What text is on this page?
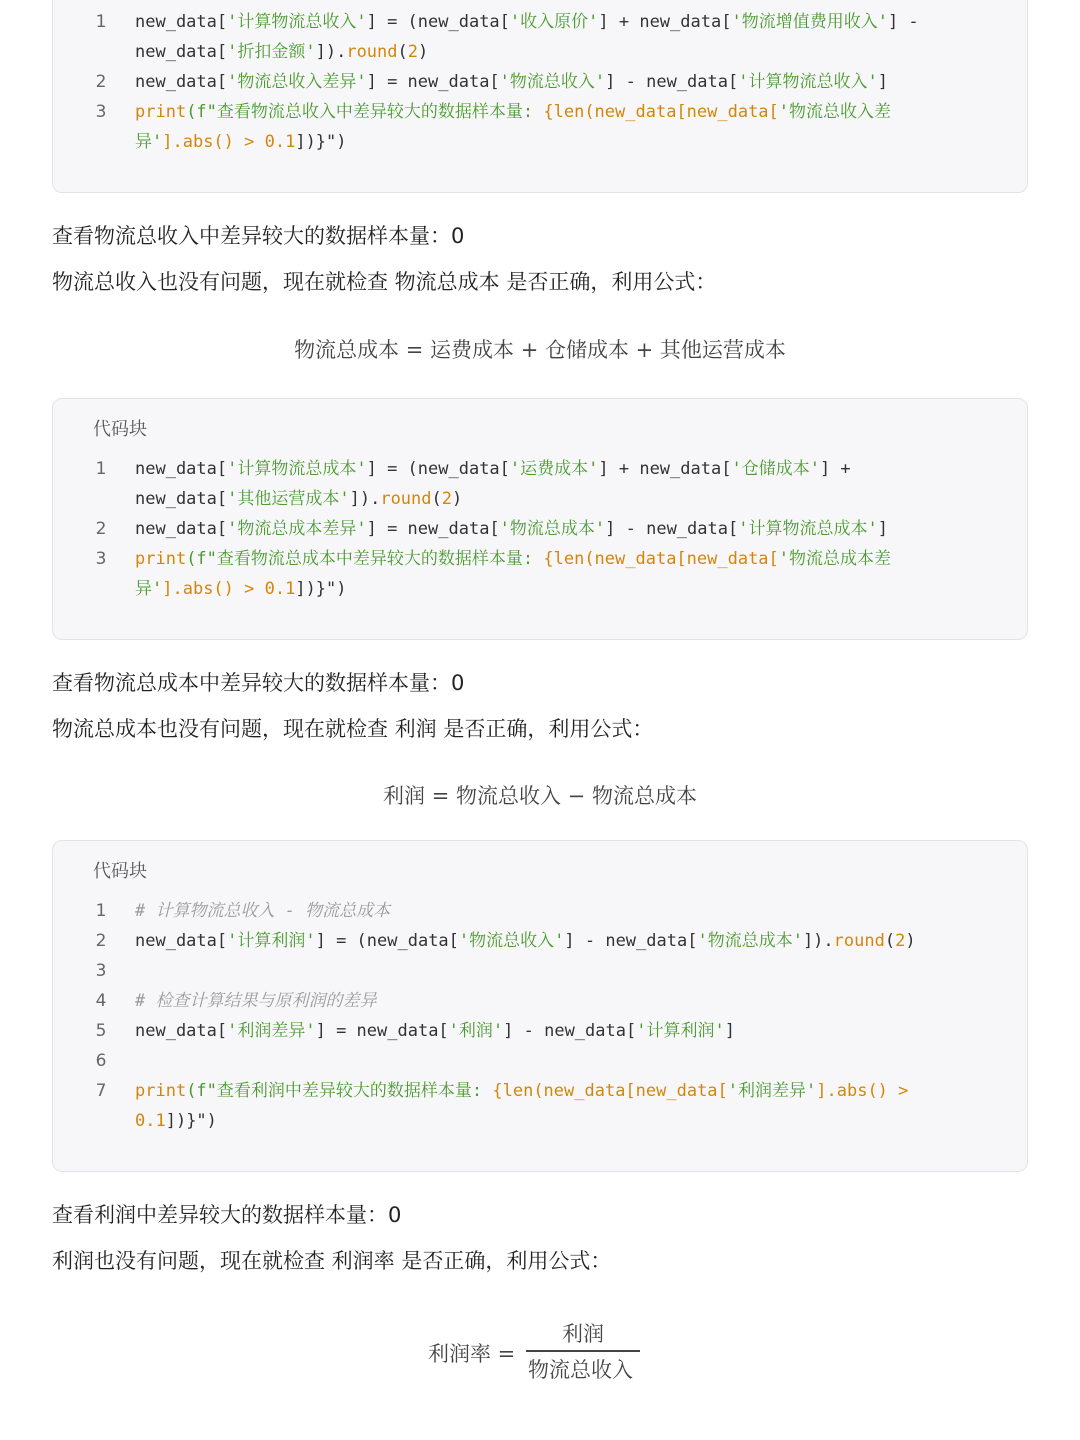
1 new_data['计算物流总收入'] = (new_data['收入原价'] + new_data['物流增值费用收入'] -
new_data['折扣金额']).round(2)
2 new_data['物流总收入差异'] = new_data['物流总收入'] - new_data['计算物流总收入']
3 print(f"查看物流总收入中差异较大的数据样本量: {len(new_data[new_data['物流总收入差
异'].abs() > 0.1])}")

查看物流总收入中差异较大的数据样本量：0

物流总收入也没有问题，现在就检查 物流总成本 是否正确，利用公式：

物流总成本 = 运费成本 + 仓储成本 + 其他运营成本
代码块
1 new_data['计算物流总成本'] = (new_data['运费成本'] + new_data['仓储成本'] +
new_data['其他运营成本']).round(2)
2 new_data['物流总成本差异'] = new_data['物流总成本'] - new_data['计算物流总成本']
3 print(f"查看物流总成本中差异较大的数据样本量: {len(new_data[new_data['物流总成本差
异'].abs() > 0.1])}")

查看物流总成本中差异较大的数据样本量：0

物流总成本也没有问题，现在就检查 利润 是否正确，利用公式：

利润 = 物流总收入 − 物流总成本
代码块
1 # 计算物流总收入 - 物流总成本
2 new_data['计算利润'] = (new_data['物流总收入'] - new_data['物流总成本']).round(2)
3
4 # 检查计算结果与原利润的差异
5 new_data['利润差异'] = new_data['利润'] - new_data['计算利润']
6
7 print(f"查看利润中差异较大的数据样本量: {len(new_data[new_data['利润差异'].abs() >
0.1])}")

查看利润中差异较大的数据样本量：0

利润也没有问题，现在就检查 利润率 是否正确，利用公式：

利润率 =
利润
物流总收入
